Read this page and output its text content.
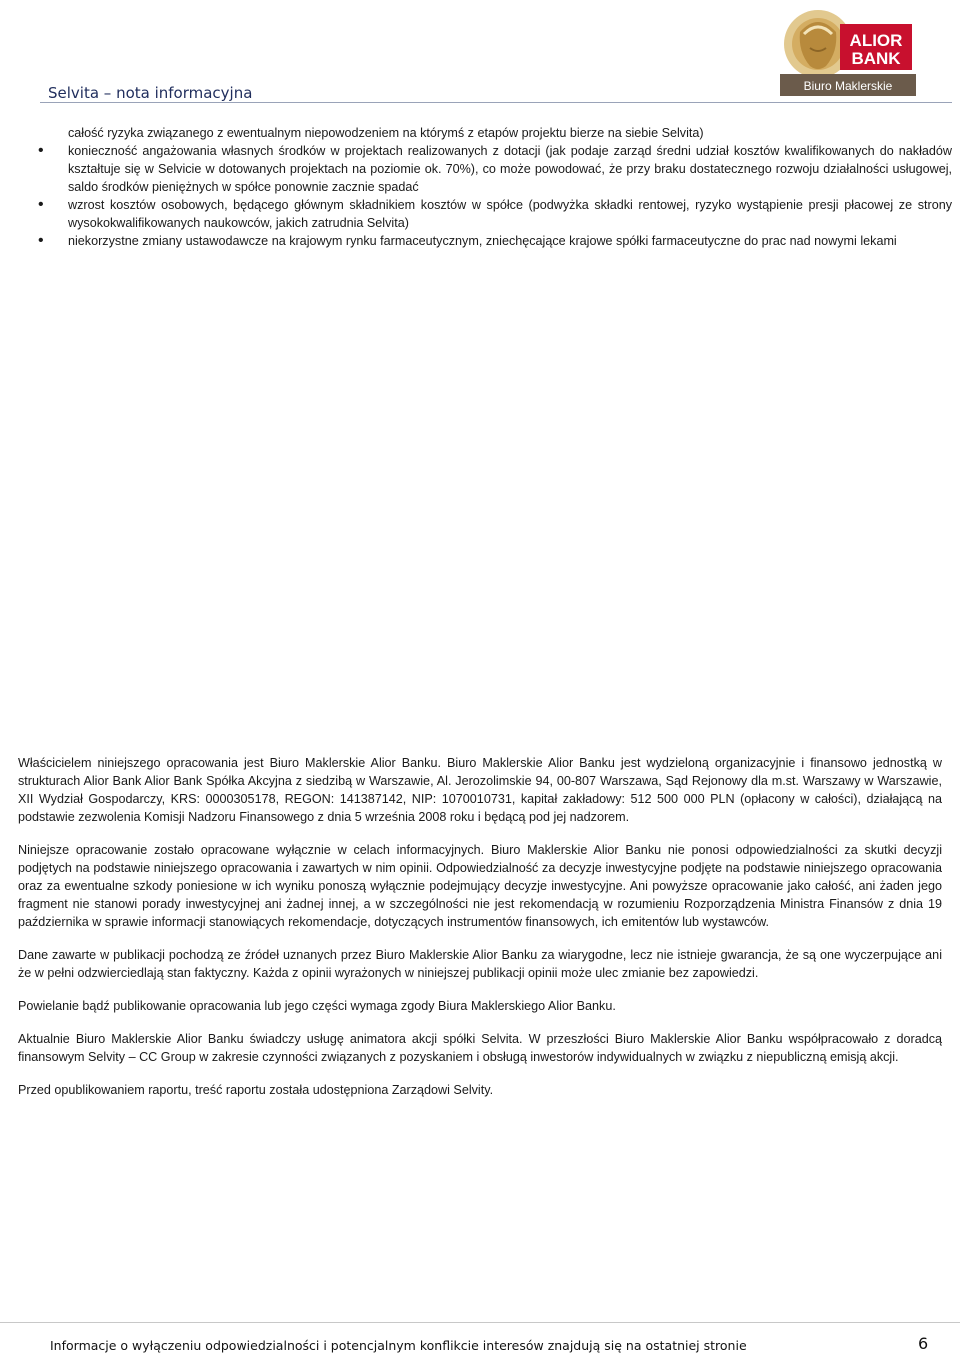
Selvita – nota informacyjna
ALIOR
BANK
Biuro Maklerskie
całość ryzyka związanego z ewentualnym niepowodzeniem na którymś z etapów projektu bierze na siebie Selvita)
• konieczność angażowania własnych środków w projektach realizowanych z dotacji (jak podaje zarząd średni udział kosztów kwalifikowanych do nakładów kształtuje się w Selvicie w dotowanych projektach na poziomie ok. 70%), co może powodować, że przy braku dostatecznego rozwoju działalności usługowej, saldo środków pieniężnych w spółce ponownie zacznie spadać
• wzrost kosztów osobowych, będącego głównym składnikiem kosztów w spółce (podwyżka składki rentowej, ryzyko wystąpienie presji płacowej ze strony wysokokwalifikowanych naukowców, jakich zatrudnia Selvita)
• niekorzystne zmiany ustawodawcze na krajowym rynku farmaceutycznym, zniechęcające krajowe spółki farmaceutyczne do prac nad nowymi lekami

Właścicielem niniejszego opracowania jest Biuro Maklerskie Alior Banku. Biuro Maklerskie Alior Banku jest wydzieloną organizacyjnie i finansowo jednostką w strukturach Alior Bank Alior Bank Spółka Akcyjna z siedzibą w Warszawie, Al. Jerozolimskie 94, 00-807 Warszawa, Sąd Rejonowy dla m.st. Warszawy w Warszawie, XII Wydział Gospodarczy, KRS: 0000305178, REGON: 141387142, NIP: 1070010731, kapitał zakładowy: 512 500 000 PLN (opłacony w całości), działającą na podstawie zezwolenia Komisji Nadzoru Finansowego z dnia 5 września 2008 roku i będącą pod jej nadzorem.

Niniejsze opracowanie zostało opracowane wyłącznie w celach informacyjnych. Biuro Maklerskie Alior Banku nie ponosi odpowiedzialności za skutki decyzji podjętych na podstawie niniejszego opracowania i zawartych w nim opinii. Odpowiedzialność za decyzje inwestycyjne podjęte na podstawie niniejszego opracowania oraz za ewentualne szkody poniesione w ich wyniku ponoszą wyłącznie podejmujący decyzje inwestycyjne. Ani powyższe opracowanie jako całość, ani żaden jego fragment nie stanowi porady inwestycyjnej ani żadnej innej, a w szczególności nie jest rekomendacją w rozumieniu Rozporządzenia Ministra Finansów z dnia 19 października w sprawie informacji stanowiących rekomendacje, dotyczących instrumentów finansowych, ich emitentów lub wystawców.

Dane zawarte w publikacji pochodzą ze źródeł uznanych przez Biuro Maklerskie Alior Banku za wiarygodne, lecz nie istnieje gwarancja, że są one wyczerpujące ani że w pełni odzwierciedlają stan faktyczny. Każda z opinii wyrażonych w niniejszej publikacji opinii może ulec zmianie bez zapowiedzi.

Powielanie bądź publikowanie opracowania lub jego części wymaga zgody Biura Maklerskiego Alior Banku.

Aktualnie Biuro Maklerskie Alior Banku świadczy usługę animatora akcji spółki Selvita. W przeszłości Biuro Maklerskie Alior Banku współpracowało z doradcą finansowym Selvity – CC Group w zakresie czynności związanych z pozyskaniem i obsługą inwestorów indywidualnych w związku z niepubliczną emisją akcji.

Przed opublikowaniem raportu, treść raportu została udostępniona Zarządowi Selvity.

Informacje o wyłączeniu odpowiedzialności i potencjalnym konflikcie interesów znajdują się na ostatniej stronie	6
